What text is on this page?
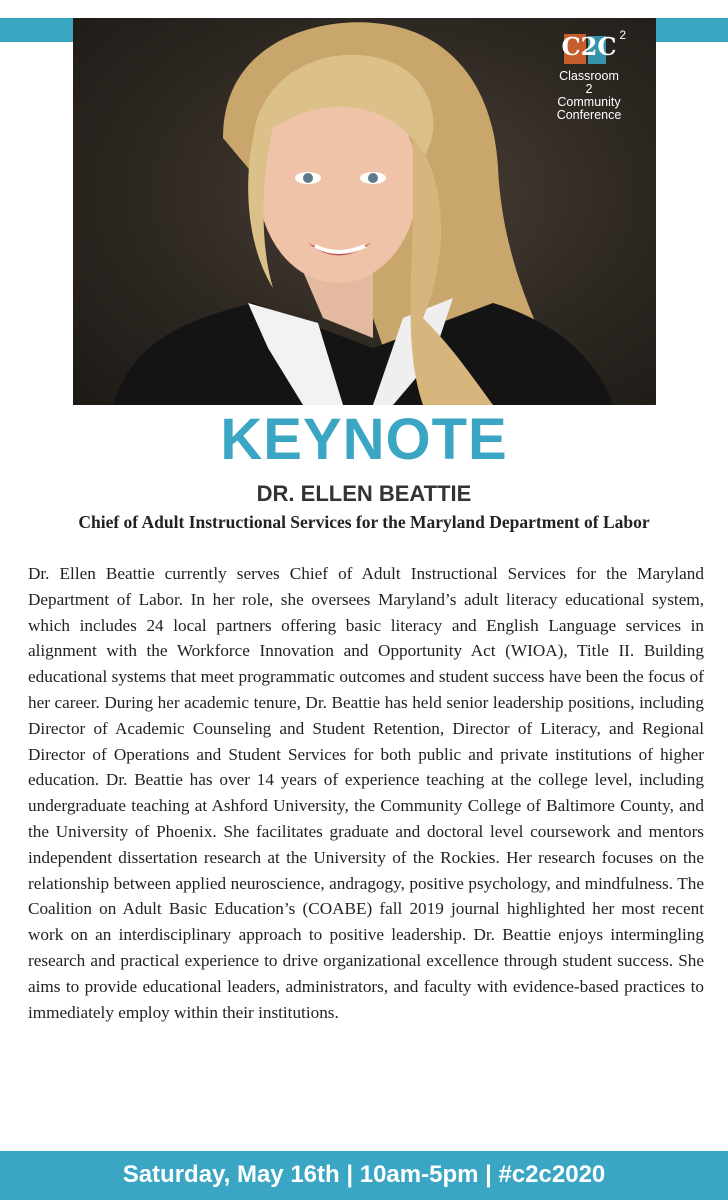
C2C 2
Classroom
2
Community
Conference
KEYNOTE
DR. ELLEN BEATTIE
Chief of Adult Instructional Services for the Maryland Department of Labor

Dr. Ellen Beattie currently serves Chief of Adult Instructional Services for the Maryland Department of Labor. In her role, she oversees Maryland’s adult literacy educational system, which includes 24 local partners offering basic literacy and English Language services in alignment with the Workforce Innovation and Opportunity Act (WIOA), Title II. Building educational systems that meet programmatic outcomes and student success have been the focus of her career. During her academic tenure, Dr. Beattie has held senior leadership positions, including Director of Academic Counseling and Student Retention, Director of Literacy, and Regional Director of Operations and Student Services for both public and private institutions of higher education. Dr. Beattie has over 14 years of experience teaching at the college level, including undergraduate teaching at Ashford University, the Community College of Baltimore County, and the University of Phoenix. She facilitates graduate and doctoral level coursework and mentors independent dissertation research at the University of the Rockies. Her research focuses on the relationship between applied neuroscience, andragogy, positive psychology, and mindfulness. The Coalition on Adult Basic Education’s (COABE) fall 2019 journal highlighted her most recent work on an interdisciplinary approach to positive leadership. Dr. Beattie enjoys intermingling research and practical experience to drive organizational excellence through student success. She aims to provide educational leaders, administrators, and faculty with evidence-based practices to immediately employ within their institutions.

Saturday, May 16th | 10am-5pm | #c2c2020
